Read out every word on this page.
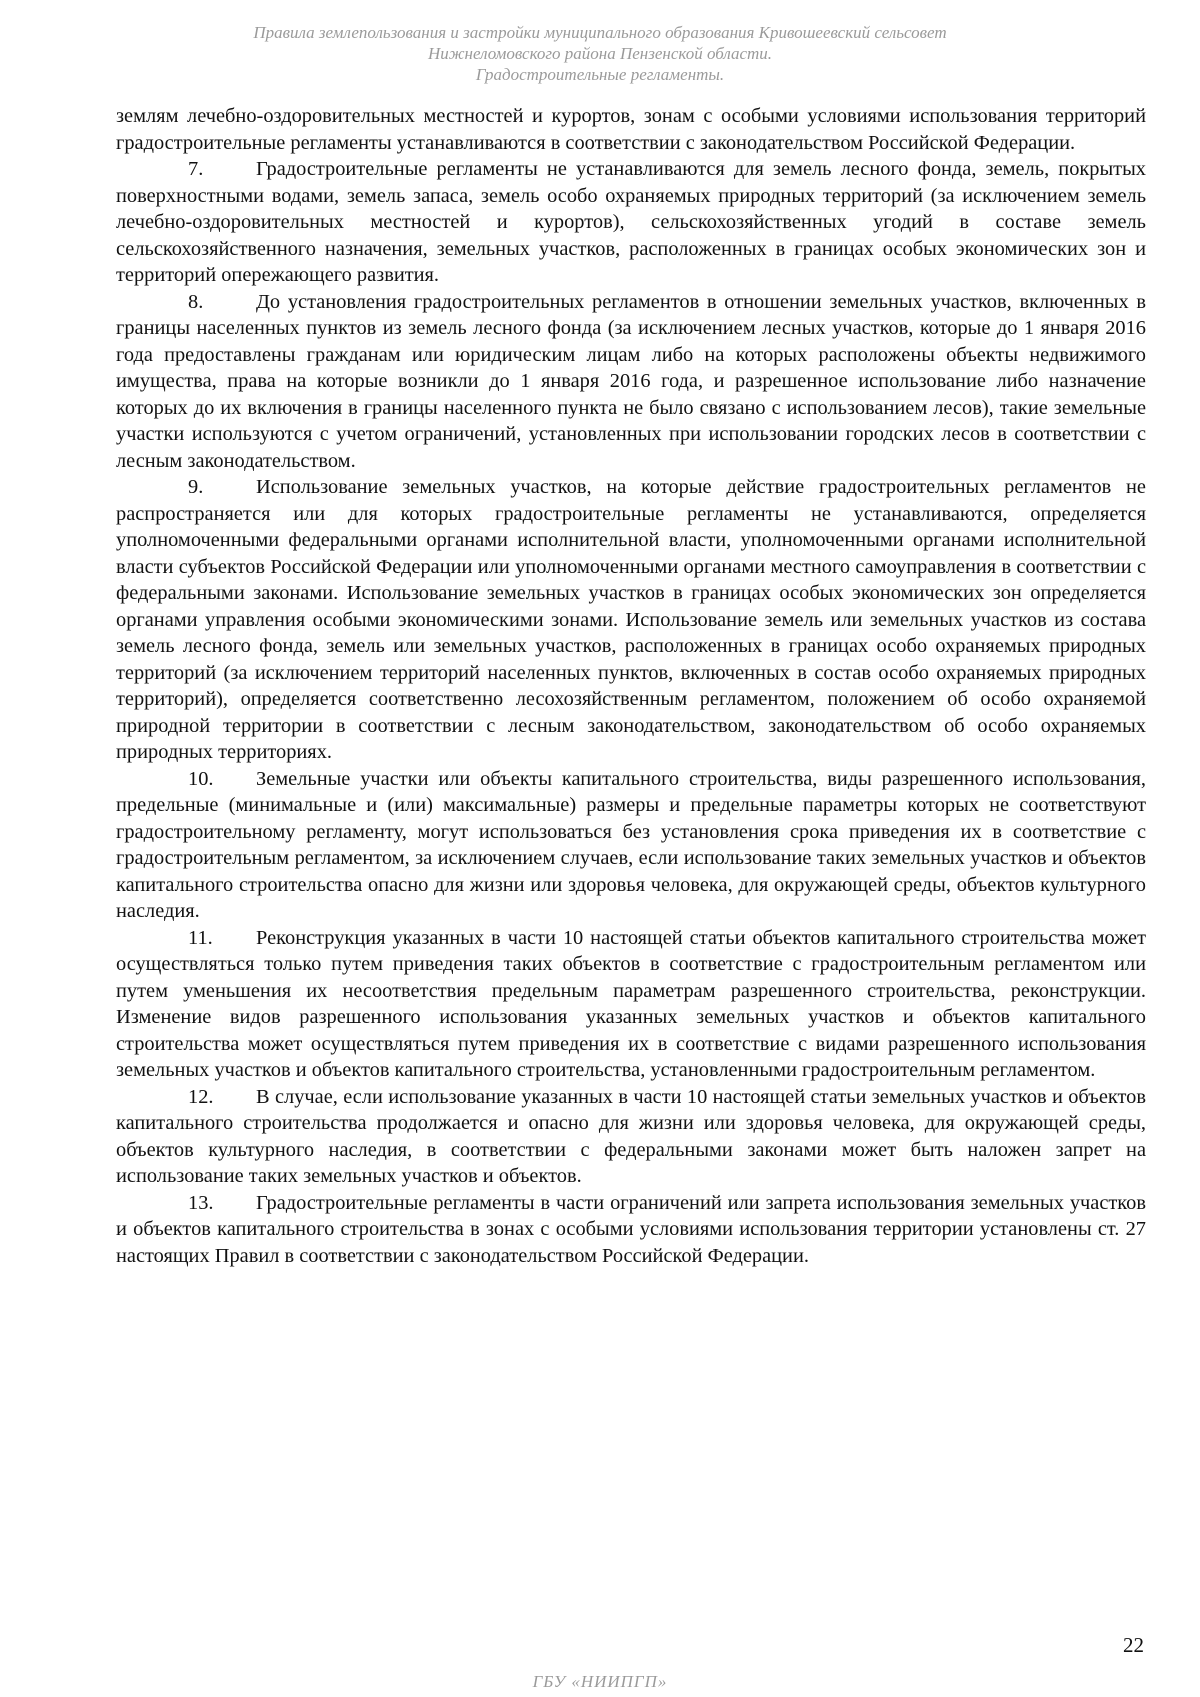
Правила землепользования и застройки муниципального образования Кривошеевский сельсовет
Нижнеломовского района Пензенской области.
Градостроительные регламенты.

землям лечебно-оздоровительных местностей и курортов, зонам с особыми условиями использования территорий градостроительные регламенты устанавливаются в соответствии с законодательством Российской Федерации.

7.	Градостроительные регламенты не устанавливаются для земель лесного фонда, земель, покрытых поверхностными водами, земель запаса, земель особо охраняемых природных территорий (за исключением земель лечебно-оздоровительных местностей и курортов), сельскохозяйственных угодий в составе земель сельскохозяйственного назначения, земельных участков, расположенных в границах особых экономических зон и территорий опережающего развития.

8.	До установления градостроительных регламентов в отношении земельных участков, включенных в границы населенных пунктов из земель лесного фонда (за исключением лесных участков, которые до 1 января 2016 года предоставлены гражданам или юридическим лицам либо на которых расположены объекты недвижимого имущества, права на которые возникли до 1 января 2016 года, и разрешенное использование либо назначение которых до их включения в границы населенного пункта не было связано с использованием лесов), такие земельные участки используются с учетом ограничений, установленных при использовании городских лесов в соответствии с лесным законодательством.

9.	Использование земельных участков, на которые действие градостроительных регламентов не распространяется или для которых градостроительные регламенты не устанавливаются, определяется уполномоченными федеральными органами исполнительной власти, уполномоченными органами исполнительной власти субъектов Российской Федерации или уполномоченными органами местного самоуправления в соответствии с федеральными законами. Использование земельных участков в границах особых экономических зон определяется органами управления особыми экономическими зонами. Использование земель или земельных участков из состава земель лесного фонда, земель или земельных участков, расположенных в границах особо охраняемых природных территорий (за исключением территорий населенных пунктов, включенных в состав особо охраняемых природных территорий), определяется соответственно лесохозяйственным регламентом, положением об особо охраняемой природной территории в соответствии с лесным законодательством, законодательством об особо охраняемых природных территориях.

10. Земельные участки или объекты капитального строительства, виды разрешенного использования, предельные (минимальные и (или) максимальные) размеры и предельные параметры которых не соответствуют градостроительному регламенту, могут использоваться без установления срока приведения их в соответствие с градостроительным регламентом, за исключением случаев, если использование таких земельных участков и объектов капитального строительства опасно для жизни или здоровья человека, для окружающей среды, объектов культурного наследия.

11. Реконструкция указанных в части 10 настоящей статьи объектов капитального строительства может осуществляться только путем приведения таких объектов в соответствие с градостроительным регламентом или путем уменьшения их несоответствия предельным параметрам разрешенного строительства, реконструкции. Изменение видов разрешенного использования указанных земельных участков и объектов капитального строительства может осуществляться путем приведения их в соответствие с видами разрешенного использования земельных участков и объектов капитального строительства, установленными градостроительным регламентом.

12. В случае, если использование указанных в части 10 настоящей статьи земельных участков и объектов капитального строительства продолжается и опасно для жизни или здоровья человека, для окружающей среды, объектов культурного наследия, в соответствии с федеральными законами может быть наложен запрет на использование таких земельных участков и объектов.

13. Градостроительные регламенты в части ограничений или запрета использования земельных участков и объектов капитального строительства в зонах с особыми условиями использования территории установлены ст. 27 настоящих Правил в соответствии с законодательством Российской Федерации.

22
ГБУ «НИИПГП»
